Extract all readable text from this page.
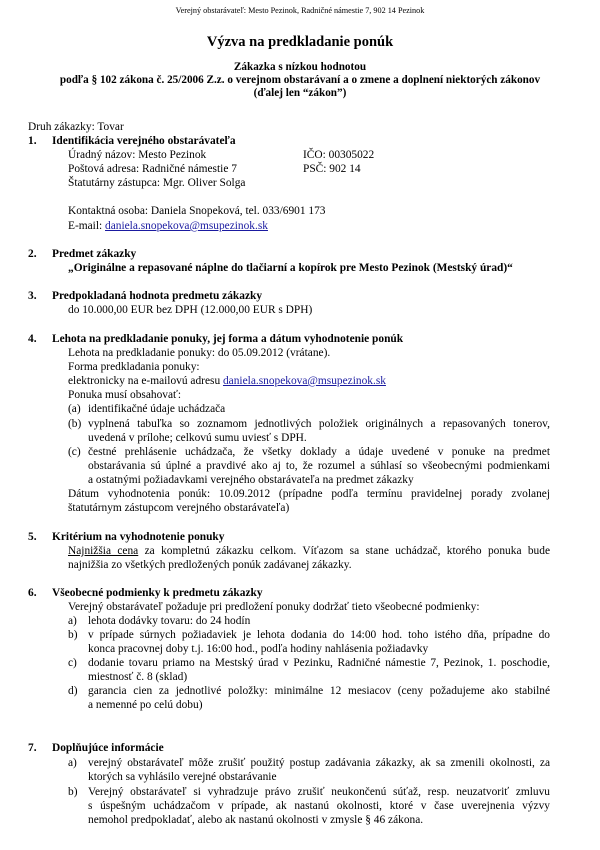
Verejný obstarávateľ: Mesto Pezinok, Radničné námestie 7, 902 14 Pezinok
Výzva na predkladanie ponúk
Zákazka s nízkou hodnotou
podľa § 102 zákona č. 25/2006 Z.z. o verejnom obstarávaní a o zmene a doplnení niektorých zákonov
(ďalej len “zákon”)
Druh zákazky: Tovar
1. Identifikácia verejného obstarávateľa
Úradný názov: Mesto Pezinok	IČO: 00305022
Poštová adresa: Radničné námestie 7	PSČ: 902 14
Štatutárny zástupca: Mgr. Oliver Solga
Kontaktná osoba: Daniela Snopeková, tel. 033/6901 173
E-mail: daniela.snopekova@msupezinok.sk
2. Predmet zákazky
„Originálne a repasované náplne do tlačiarní a kopírok pre Mesto Pezinok (Mestský úrad)“
3. Predpokladaná hodnota predmetu zákazky
do 10.000,00 EUR bez DPH (12.000,00 EUR s DPH)
4. Lehota na predkladanie ponuky, jej forma a dátum vyhodnotenie ponúk
Lehota na predkladanie ponuky: do 05.09.2012 (vrátane).
Forma predkladania ponuky:
elektronicky na e-mailovú adresu daniela.snopekova@msupezinok.sk
Ponuka musí obsahovať:
(a) identifikačné údaje uchádzača
(b) vyplnená tabuľka so zoznamom jednotlivých položiek originálnych a repasovaných tonerov,
uvedená v prílohe; celkovú sumu uviesť s DPH.
(c) čestné prehlásenie uchádzača, že všetky doklady a údaje uvedené v ponuke na predmet
obstarávania sú úplné a pravdivé ako aj to, že rozumel a súhlasí so všeobecnými podmienkami
a ostatnými požiadavkami verejného obstarávateľa na predmet zákazky
Dátum vyhodnotenia ponúk: 10.09.2012 (prípadne podľa termínu pravidelnej porady zvolanej
štatutárnym zástupcom verejného obstarávateľa)
5. Kritérium na vyhodnotenie ponuky
Najnižšia cena za kompletnú zákazku celkom. Víťazom sa stane uchádzač, ktorého ponuka bude
najnižšia zo všetkých predložených ponúk zadávanej zákazky.
6. Všeobecné podmienky k predmetu zákazky
Verejný obstarávateľ požaduje pri predložení ponuky dodržať tieto všeobecné podmienky:
a) lehota dodávky tovaru: do 24 hodín
b) v prípade súrnych požiadaviek je lehota dodania do 14:00 hod. toho istého dňa, prípadne do
konca pracovnej doby t.j. 16:00 hod., podľa hodiny nahlásenia požiadavky
c) dodanie tovaru priamo na Mestský úrad v Pezinku, Radničné námestie 7, Pezinok, 1. poschodie,
miestnosť č. 8 (sklad)
d) garancia cien za jednotlivé položky: minimálne 12 mesiacov (ceny požadujeme ako stabilné
a nemenné po celú dobu)
7. Doplňujúce informácie
a) verejný obstarávateľ môže zrušiť použitý postup zadávania zákazky, ak sa zmenili okolnosti, za
ktorých sa vyhlásilo verejné obstarávanie
b) Verejný obstarávateľ si vyhradzuje právo zrušiť neukončenú súťaž, resp. neuzatvoriť zmluvu
s úspešným uchádzačom v prípade, ak nastanú okolnosti, ktoré v čase uverejnenia výzvy
nemohol predpokladať, alebo ak nastanú okolnosti v zmysle § 46 zákona.
